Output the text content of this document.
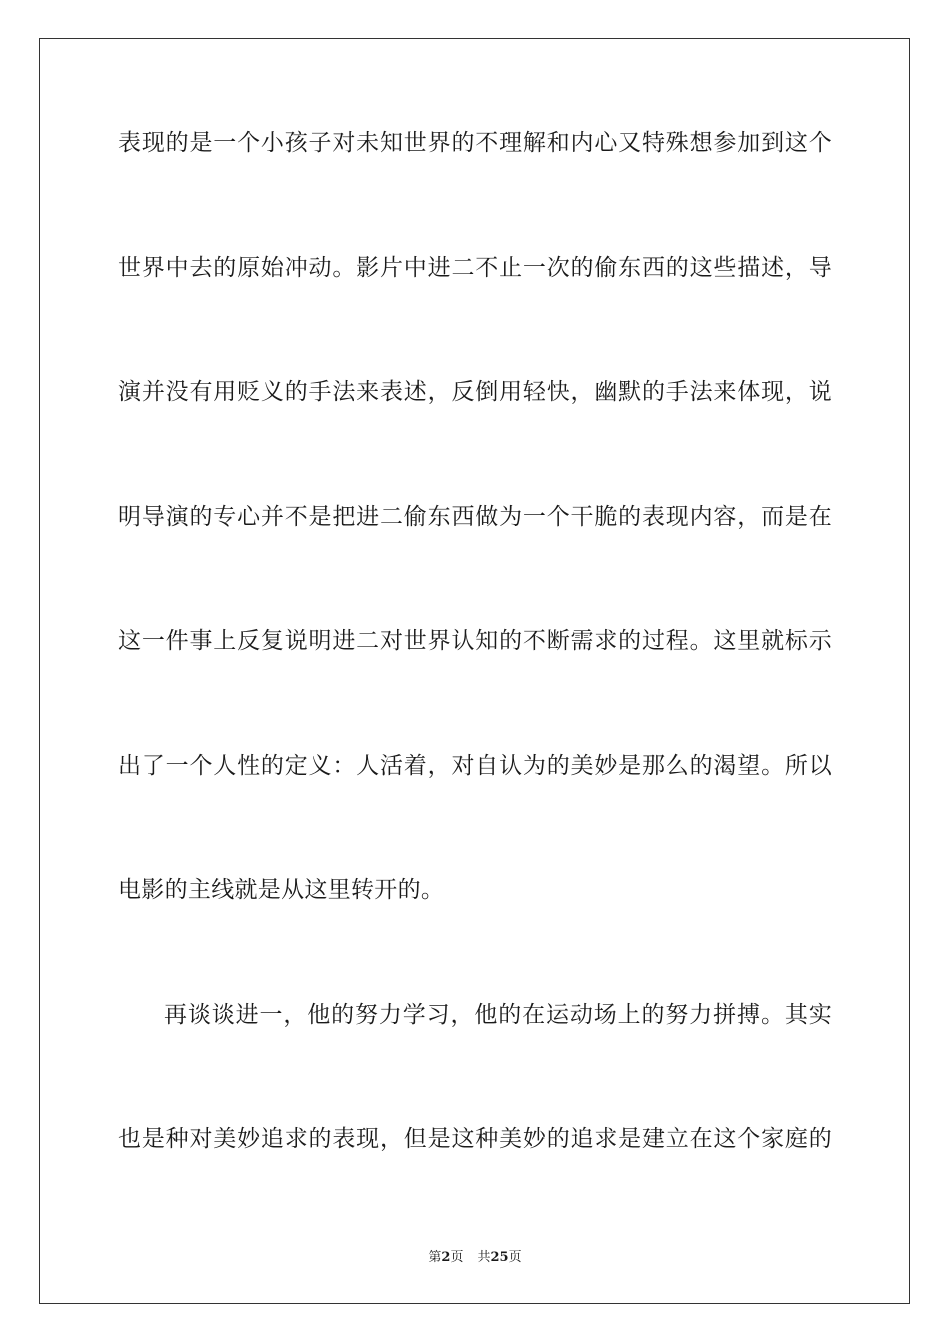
表现的是一个小孩子对未知世界的不理解和内心又特殊想参加到这个
世界中去的原始冲动。影片中进二不止一次的偷东西的这些描述，导
演并没有用贬义的手法来表述，反倒用轻快，幽默的手法来体现，说
明导演的专心并不是把进二偷东西做为一个干脆的表现内容，而是在
这一件事上反复说明进二对世界认知的不断需求的过程。这里就标示
出了一个人性的定义：人活着，对自认为的美妙是那么的渴望。所以
电影的主线就是从这里转开的。
再谈谈进一，他的努力学习，他的在运动场上的努力拼搏。其实
也是种对美妙追求的表现，但是这种美妙的追求是建立在这个家庭的
第2页 共25页
